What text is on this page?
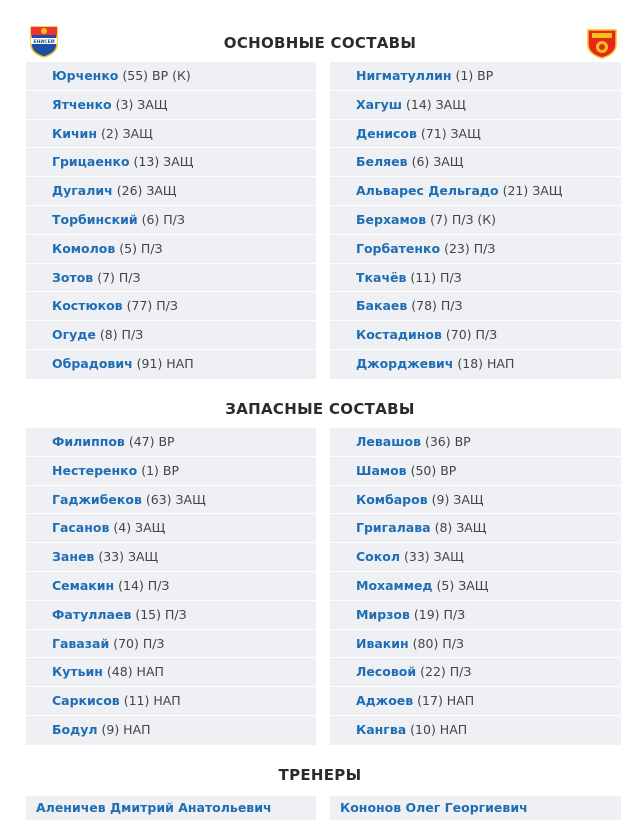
ЕНИСЕЙ	ОСНОВНЫЕ СОСТАВЫ
Юрченко (55) ВР (К)
Ятченко (3) ЗАЩ
Кичин (2) ЗАЩ
Грицаенко (13) ЗАЩ
Дугалич (26) ЗАЩ
Торбинский (6) П/З
Комолов (5) П/З
Зотов (7) П/З
Костюков (77) П/З
Огуде (8) П/З
Обрадович (91) НАП
Нигматуллин (1) ВР
Хагуш (14) ЗАЩ
Денисов (71) ЗАЩ
Беляев (6) ЗАЩ
Альварес Дельгадо (21) ЗАЩ
Берхамов (7) П/З (К)
Горбатенко (23) П/З
Ткачёв (11) П/З
Бакаев (78) П/З
Костадинов (70) П/З
Джорджевич (18) НАП
ЗАПАСНЫЕ СОСТАВЫ
Филиппов (47) ВР
Нестеренко (1) ВР
Гаджибеков (63) ЗАЩ
Гасанов (4) ЗАЩ
Занев (33) ЗАЩ
Семакин (14) П/З
Фатуллаев (15) П/З
Гавазай (70) П/З
Кутьин (48) НАП
Саркисов (11) НАП
Бодул (9) НАП
Левашов (36) ВР
Шамов (50) ВР
Комбаров (9) ЗАЩ
Григалава (8) ЗАЩ
Сокол (33) ЗАЩ
Мохаммед (5) ЗАЩ
Мирзов (19) П/З
Ивакин (80) П/З
Лесовой (22) П/З
Аджоев (17) НАП
Кангва (10) НАП
ТРЕНЕРЫ
Аленичев Дмитрий Анатольевич	Кононов Олег Георгиевич
